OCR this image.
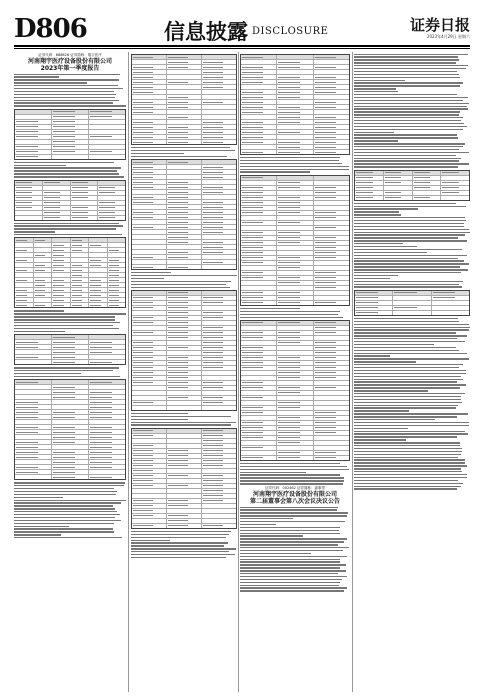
D806	信息披露 DISCLOSURE	证券日报
2023年4月29日 星期六
证券代码：688626 证券简称：翔宇医疗
河南翔宇医疗设备股份有限公司
2023年第一季度报告
证券代码：002462 证券简称：嘉事堂
河南翔宇医疗设备股份有限公司
第二届董事会第八次会议决议公告
